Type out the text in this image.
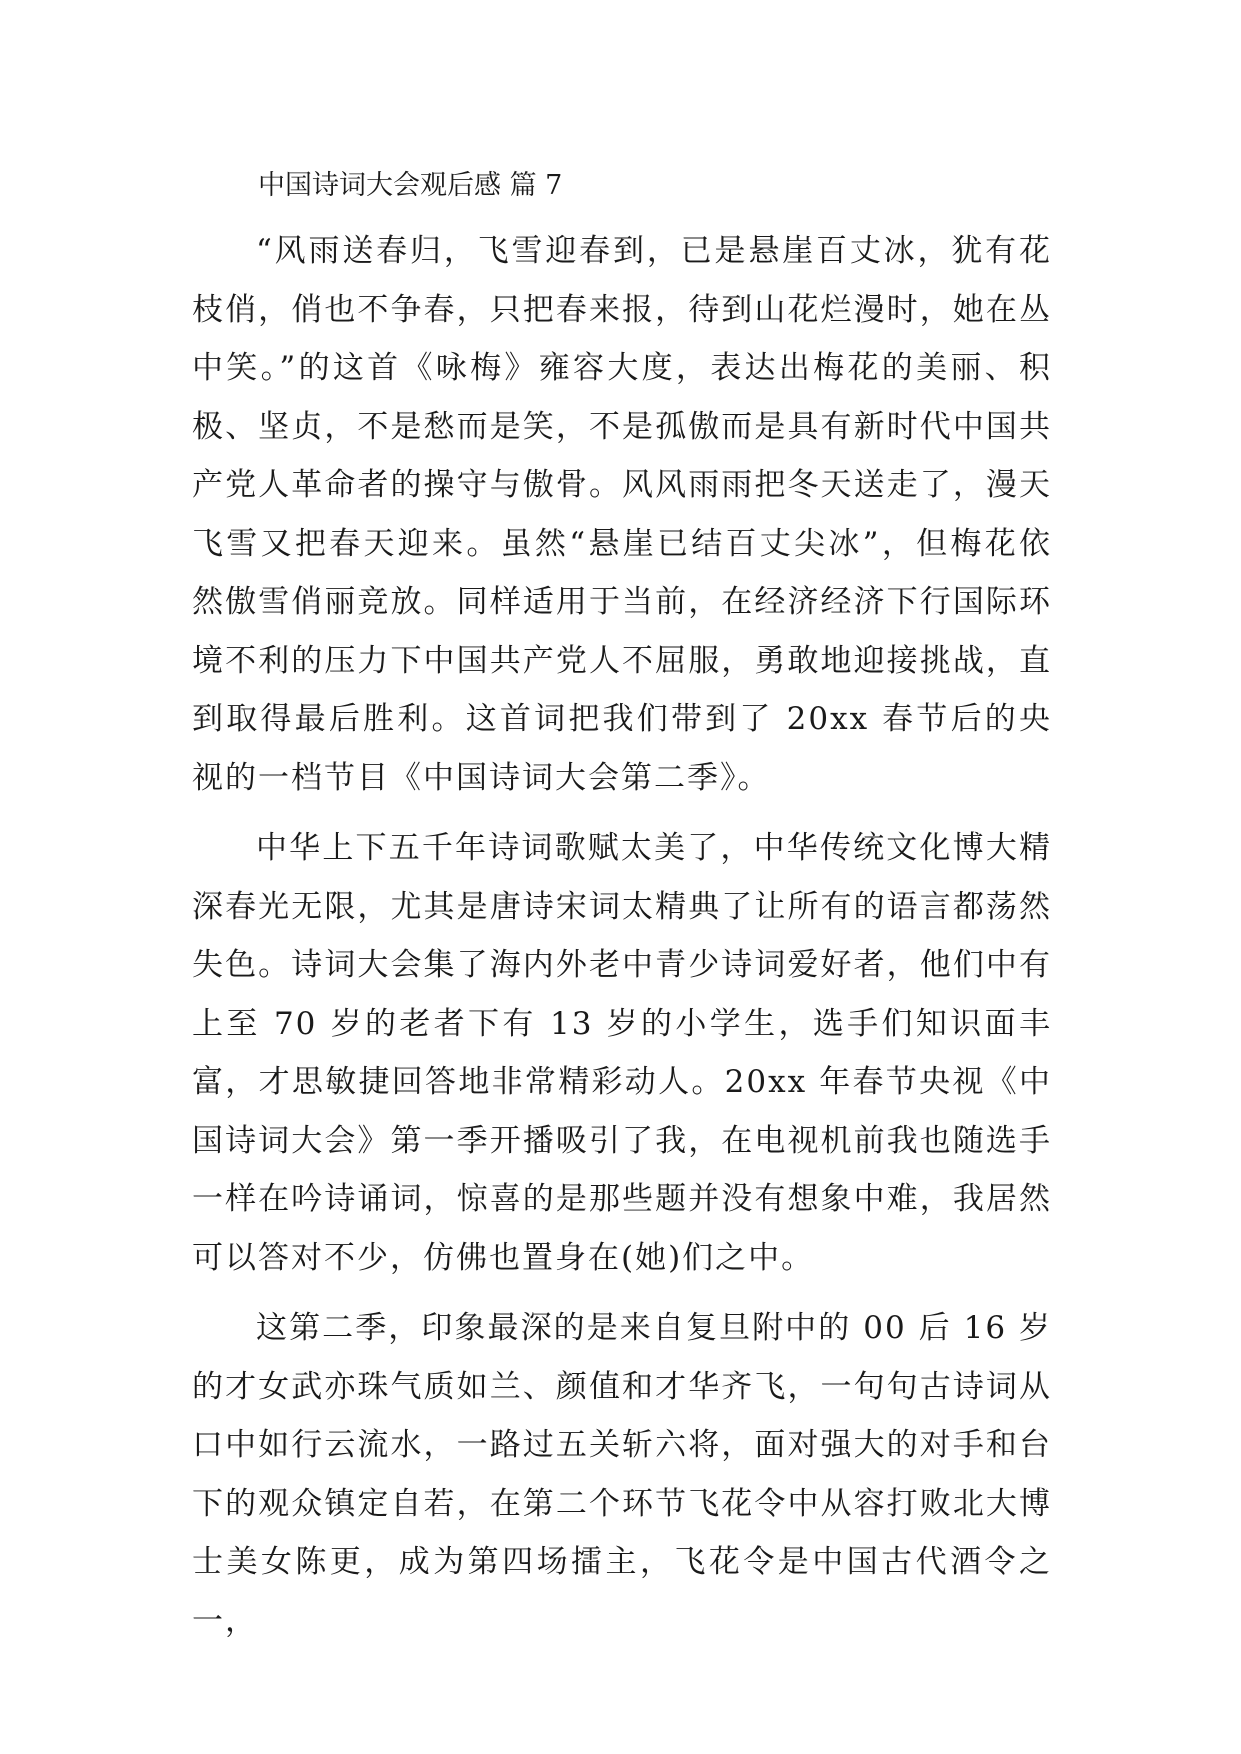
中国诗词大会观后感 篇 7

“风雨送春归，飞雪迎春到，已是悬崖百丈冰，犹有花枝俏，俏也不争春，只把春来报，待到山花烂漫时，她在丛中笑。”的这首《咏梅》雍容大度，表达出梅花的美丽、积极、坚贞，不是愁而是笑，不是孤傲而是具有新时代中国共产党人革命者的操守与傲骨。风风雨雨把冬天送走了，漫天飞雪又把春天迎来。虽然“悬崖已结百丈尖冰”，但梅花依然傲雪俏丽竞放。同样适用于当前，在经济经济下行国际环境不利的压力下中国共产党人不屈服，勇敢地迎接挑战，直到取得最后胜利。这首词把我们带到了 20xx 春节后的央视的一档节目《中国诗词大会第二季》。

中华上下五千年诗词歌赋太美了，中华传统文化博大精深春光无限，尤其是唐诗宋词太精典了让所有的语言都荡然失色。诗词大会集了海内外老中青少诗词爱好者，他们中有上至 70 岁的老者下有 13 岁的小学生，选手们知识面丰富，才思敏捷回答地非常精彩动人。20xx 年春节央视《中国诗词大会》第一季开播吸引了我，在电视机前我也随选手一样在吟诗诵词，惊喜的是那些题并没有想象中难，我居然可以答对不少，仿佛也置身在(她)们之中。

这第二季，印象最深的是来自复旦附中的 00 后 16 岁的才女武亦珠气质如兰、颜值和才华齐飞，一句句古诗词从口中如行云流水，一路过五关斩六将，面对强大的对手和台下的观众镇定自若，在第二个环节飞花令中从容打败北大博士美女陈更，成为第四场擂主，飞花令是中国古代酒令之一，
